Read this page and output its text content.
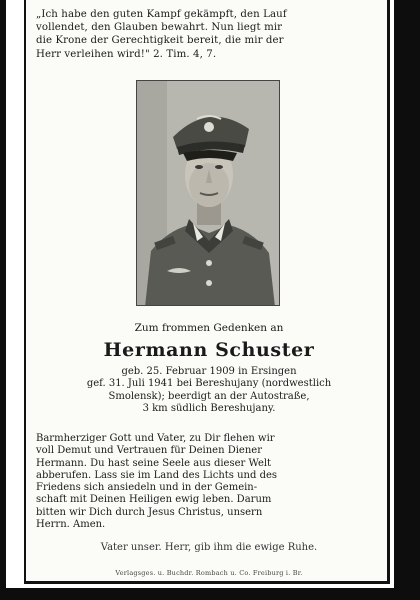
„Ich habe den guten Kampf gekämpft, den Lauf
vollendet, den Glauben bewahrt. Nun liegt mir
die Krone der Gerechtigkeit bereit, die mir der
Herr verleihen wird!" 2. Tim. 4, 7.
Zum frommen Gedenken an
Hermann Schuster
geb. 25. Februar 1909 in Ersingen
gef. 31. Juli 1941 bei Bereshujany (nordwestlich
Smolensk); beerdigt an der Autostraße,
3 km südlich Bereshujany.
Barmherziger Gott und Vater, zu Dir flehen wir
voll Demut und Vertrauen für Deinen Diener
Hermann. Du hast seine Seele aus dieser Welt
abberufen. Lass sie im Land des Lichts und des
Friedens sich ansiedeln und in der Gemein-
schaft mit Deinen Heiligen ewig leben. Darum
bitten wir Dich durch Jesus Christus, unsern
Herrn. Amen.
Vater unser. Herr, gib ihm die ewige Ruhe.
Verlagsges. u. Buchdr. Rombach u. Co. Freiburg i. Br.
